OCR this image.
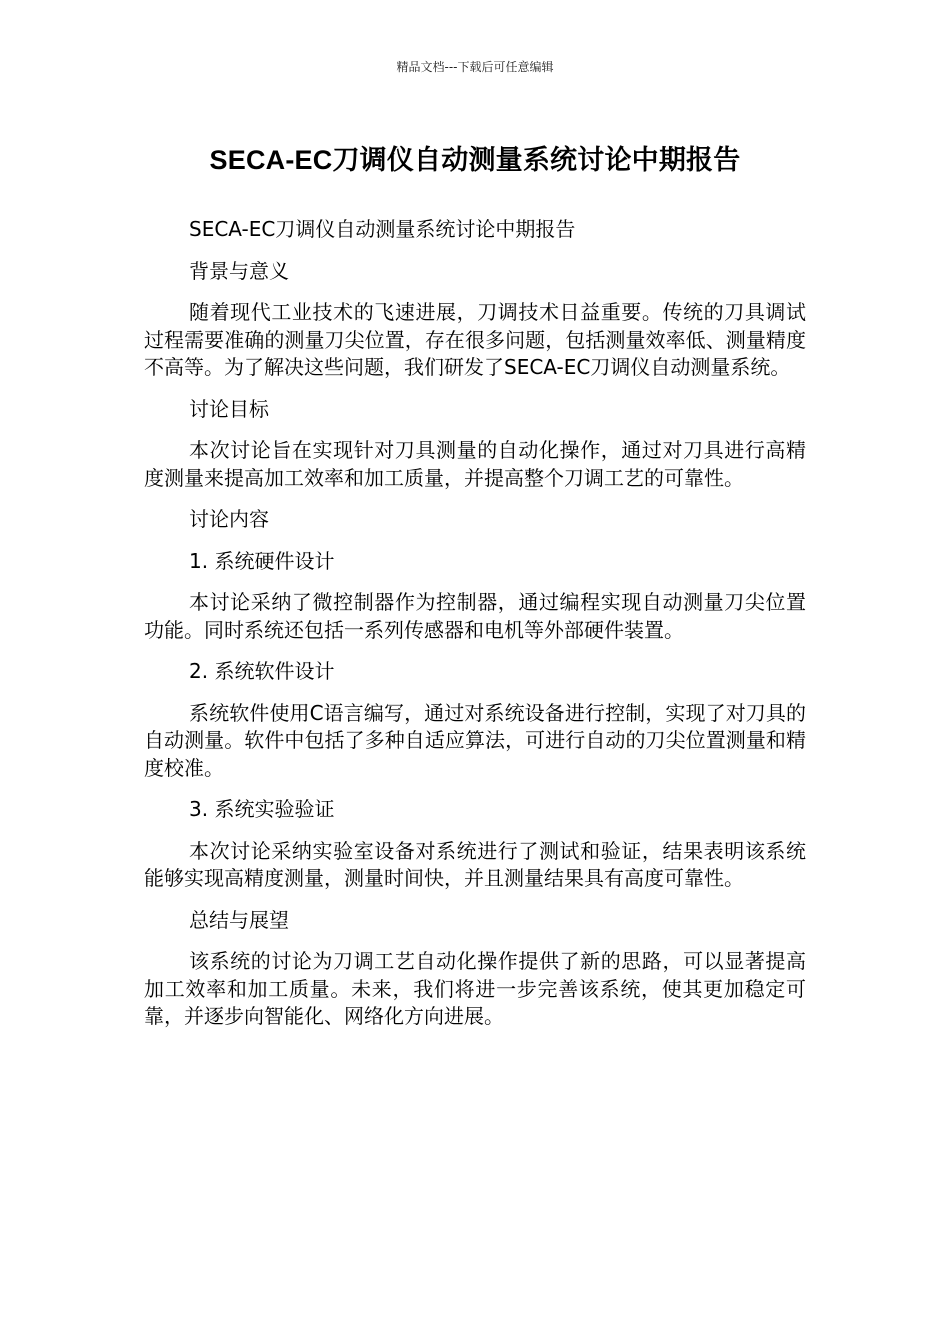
精品文档---下载后可任意编辑
SECA-EC刀调仪自动测量系统讨论中期报告

SECA-EC刀调仪自动测量系统讨论中期报告

背景与意义

随着现代工业技术的飞速进展，刀调技术日益重要。传统的刀具调试过程需要准确的测量刀尖位置，存在很多问题，包括测量效率低、测量精度不高等。为了解决这些问题，我们研发了SECA-EC刀调仪自动测量系统。

讨论目标

本次讨论旨在实现针对刀具测量的自动化操作，通过对刀具进行高精度测量来提高加工效率和加工质量，并提高整个刀调工艺的可靠性。

讨论内容

1. 系统硬件设计

本讨论采纳了微控制器作为控制器，通过编程实现自动测量刀尖位置功能。同时系统还包括一系列传感器和电机等外部硬件装置。

2. 系统软件设计

系统软件使用C语言编写，通过对系统设备进行控制，实现了对刀具的自动测量。软件中包括了多种自适应算法，可进行自动的刀尖位置测量和精度校准。

3. 系统实验验证

本次讨论采纳实验室设备对系统进行了测试和验证，结果表明该系统能够实现高精度测量，测量时间快，并且测量结果具有高度可靠性。

总结与展望

该系统的讨论为刀调工艺自动化操作提供了新的思路，可以显著提高加工效率和加工质量。未来，我们将进一步完善该系统，使其更加稳定可靠，并逐步向智能化、网络化方向进展。
